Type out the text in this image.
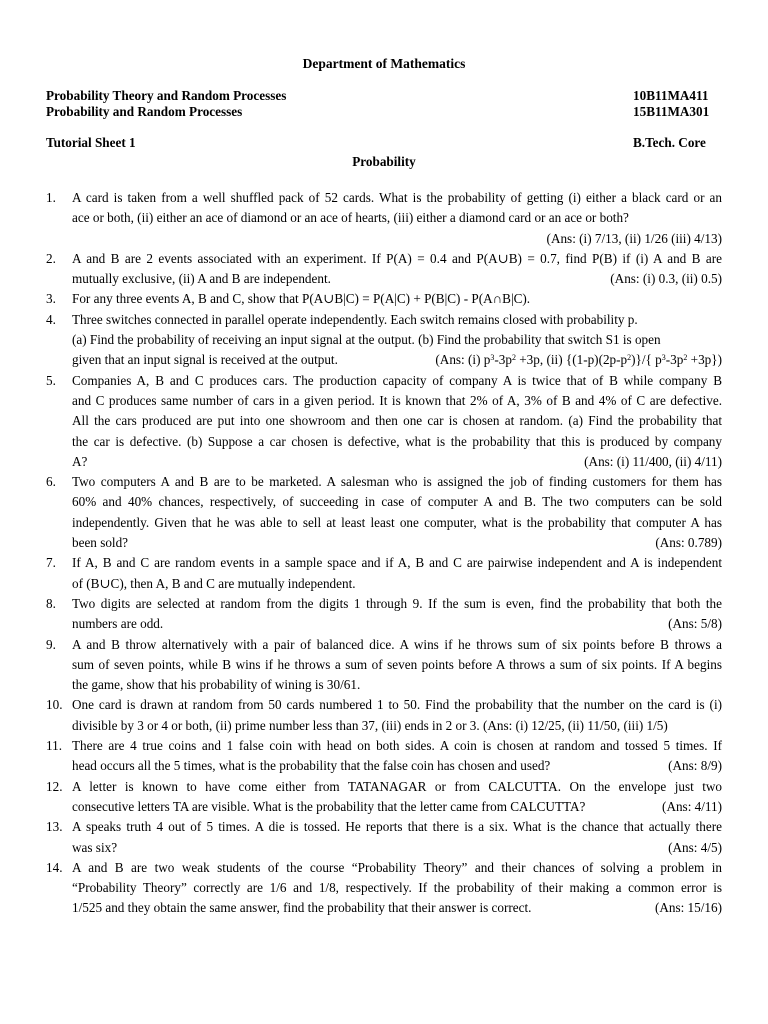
Department of Mathematics
Probability Theory and Random Processes	10B11MA411
Probability and Random Processes	15B11MA301
Tutorial Sheet 1	B.Tech. Core
Probability
1. A card is taken from a well shuffled pack of 52 cards. What is the probability of getting (i) either a black card or an
ace or both, (ii) either an ace of diamond or an ace of hearts, (iii) either a diamond card or an ace or both?
(Ans: (i) 7/13, (ii) 1/26 (iii) 4/13)
2. A and B are 2 events associated with an experiment. If P(A) = 0.4 and P(A∪B) = 0.7, find P(B) if (i) A and B are
mutually exclusive, (ii) A and B are independent.	(Ans: (i) 0.3, (ii) 0.5)
3. For any three events A, B and C, show that P(A∪B|C) = P(A|C) + P(B|C) - P(A∩B|C).
4. Three switches connected in parallel operate independently. Each switch remains closed with probability p.
(a) Find the probability of receiving an input signal at the output. (b) Find the probability that switch S1 is open
given that an input signal is received at the output.	(Ans: (i) $p^3-3p^2 +3p$, (ii) $\{(1-p)(2p-p^2)\}/${ $p^3-3p^2 +3p$})
5. Companies A, B and C produces cars. The production capacity of company A is twice that of B while company B
and C produces same number of cars in a given period. It is known that 2% of A, 3% of B and 4% of C are defective.
All the cars produced are put into one showroom and then one car is chosen at random. (a) Find the probability that
the car is defective. (b) Suppose a car chosen is defective, what is the probability that this is produced by company
A?	(Ans: (i) 11/400, (ii) 4/11)
6. Two computers A and B are to be marketed. A salesman who is assigned the job of finding customers for them has
60% and 40% chances, respectively, of succeeding in case of computer A and B. The two computers can be sold
independently. Given that he was able to sell at least least one computer, what is the probability that computer A has
been sold?	(Ans: 0.789)
7. If A, B and C are random events in a sample space and if A, B and C are pairwise independent and A is independent
of (B∪C), then A, B and C are mutually independent.
8. Two digits are selected at random from the digits 1 through 9. If the sum is even, find the probability that both the
numbers are odd.	(Ans: 5/8)
9. A and B throw alternatively with a pair of balanced dice. A wins if he throws sum of six points before B throws a
sum of seven points, while B wins if he throws a sum of seven points before A throws a sum of six points. If A begins
the game, show that his probability of wining is 30/61.
10. One card is drawn at random from 50 cards numbered 1 to 50. Find the probability that the number on the card is (i)
divisible by 3 or 4 or both, (ii) prime number less than 37, (iii) ends in 2 or 3. (Ans: (i) 12/25, (ii) 11/50, (iii) 1/5)
11. There are 4 true coins and 1 false coin with head on both sides. A coin is chosen at random and tossed 5 times. If
head occurs all the 5 times, what is the probability that the false coin has chosen and used?	(Ans: 8/9)
12. A letter is known to have come either from TATANAGAR or from CALCUTTA. On the envelope just two
consecutive letters TA are visible. What is the probability that the letter came from CALCUTTA?	(Ans: 4/11)
13. A speaks truth 4 out of 5 times. A die is tossed. He reports that there is a six. What is the chance that actually there
was six?	(Ans: 4/5)
14. A and B are two weak students of the course “Probability Theory” and their chances of solving a problem in
“Probability Theory” correctly are 1/6 and 1/8, respectively. If the probability of their making a common error is
1/525 and they obtain the same answer, find the probability that their answer is correct.	(Ans: 15/16)
